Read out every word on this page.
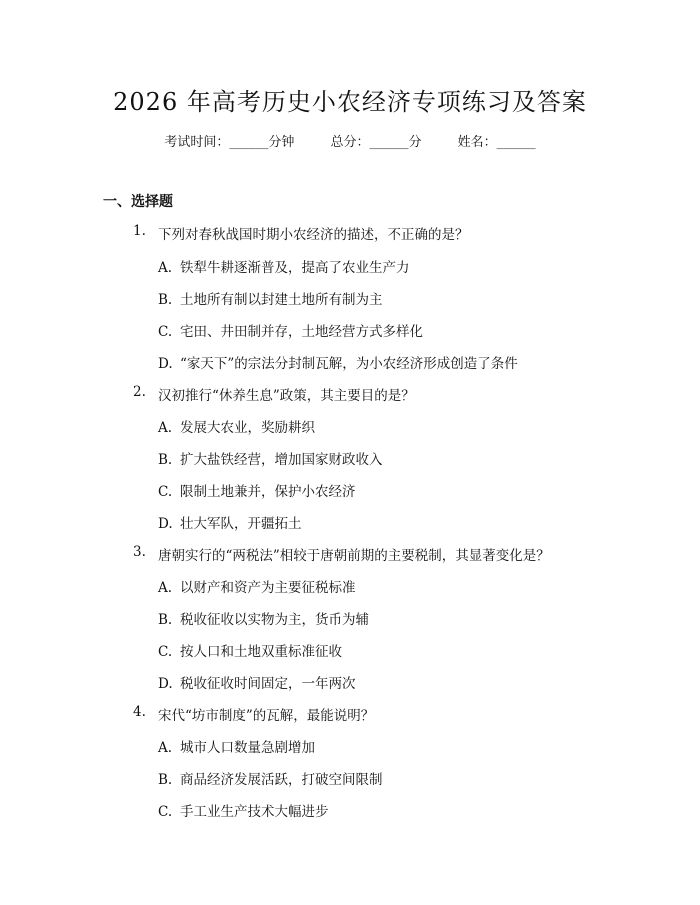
2026 年高考历史小农经济专项练习及答案
考试时间：______分钟	总分：______分	姓名：______
一、选择题
1. 下列对春秋战国时期小农经济的描述，不正确的是？
A. 铁犁牛耕逐渐普及，提高了农业生产力
B. 土地所有制以封建土地所有制为主
C. 宅田、井田制并存，土地经营方式多样化
D. “家天下”的宗法分封制瓦解，为小农经济形成创造了条件
2. 汉初推行“休养生息”政策，其主要目的是？
A. 发展大农业，奖励耕织
B. 扩大盐铁经营，增加国家财政收入
C. 限制土地兼并，保护小农经济
D. 壮大军队，开疆拓土
3. 唐朝实行的“两税法”相较于唐朝前期的主要税制，其显著变化是？
A. 以财产和资产为主要征税标准
B. 税收征收以实物为主，货币为辅
C. 按人口和土地双重标准征收
D. 税收征收时间固定，一年两次
4. 宋代“坊市制度”的瓦解，最能说明？
A. 城市人口数量急剧增加
B. 商品经济发展活跃，打破空间限制
C. 手工业生产技术大幅进步
